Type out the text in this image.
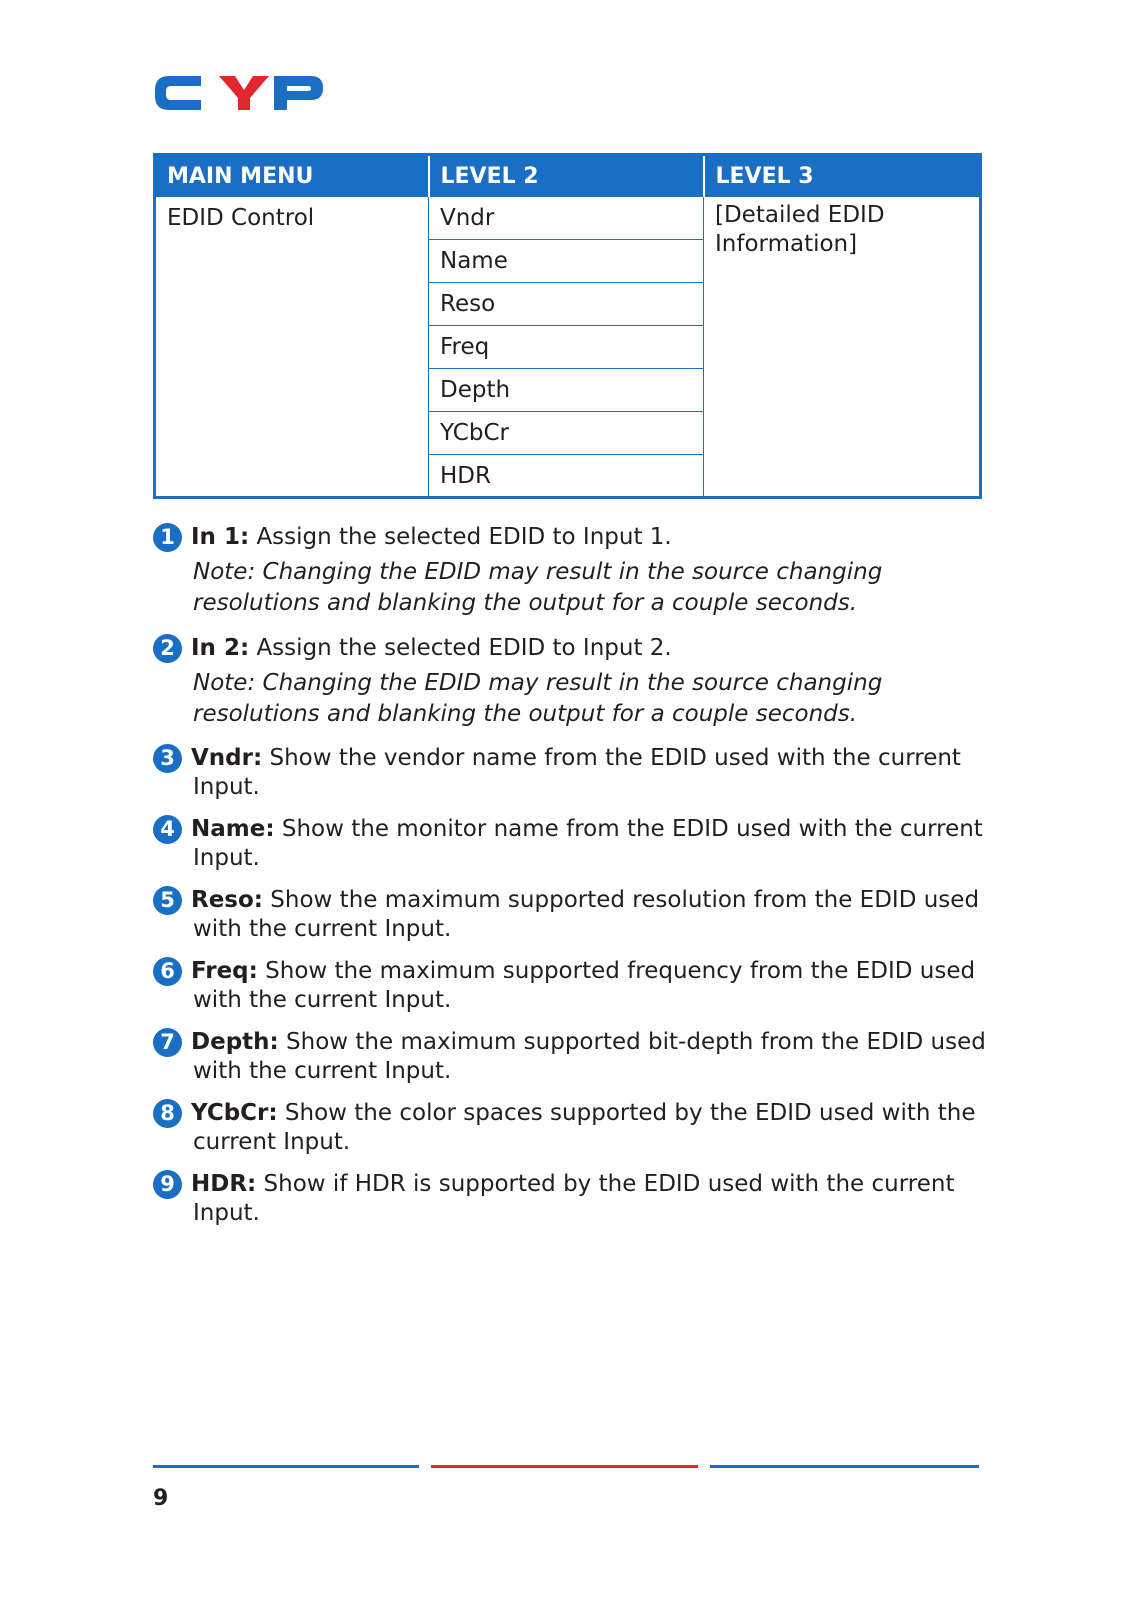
MAIN MENU	LEVEL 2	LEVEL 3
EDID Control	Vndr	[Detailed EDID
Information]

	Name	
	Reso	
	Freq	
	Depth	
	YCbCr	
	HDR	
1 In 1: Assign the selected EDID to Input 1.
Note: Changing the EDID may result in the source changing
resolutions and blanking the output for a couple seconds.
2 In 2: Assign the selected EDID to Input 2.
Note: Changing the EDID may result in the source changing
resolutions and blanking the output for a couple seconds.
3 Vndr: Show the vendor name from the EDID used with the current
Input.
4 Name: Show the monitor name from the EDID used with the current
Input.
5 Reso: Show the maximum supported resolution from the EDID used
with the current Input.
6 Freq: Show the maximum supported frequency from the EDID used
with the current Input.
7 Depth: Show the maximum supported bit-depth from the EDID used
with the current Input.
8 YCbCr: Show the color spaces supported by the EDID used with the
current Input.
9 HDR: Show if HDR is supported by the EDID used with the current
Input.
9
